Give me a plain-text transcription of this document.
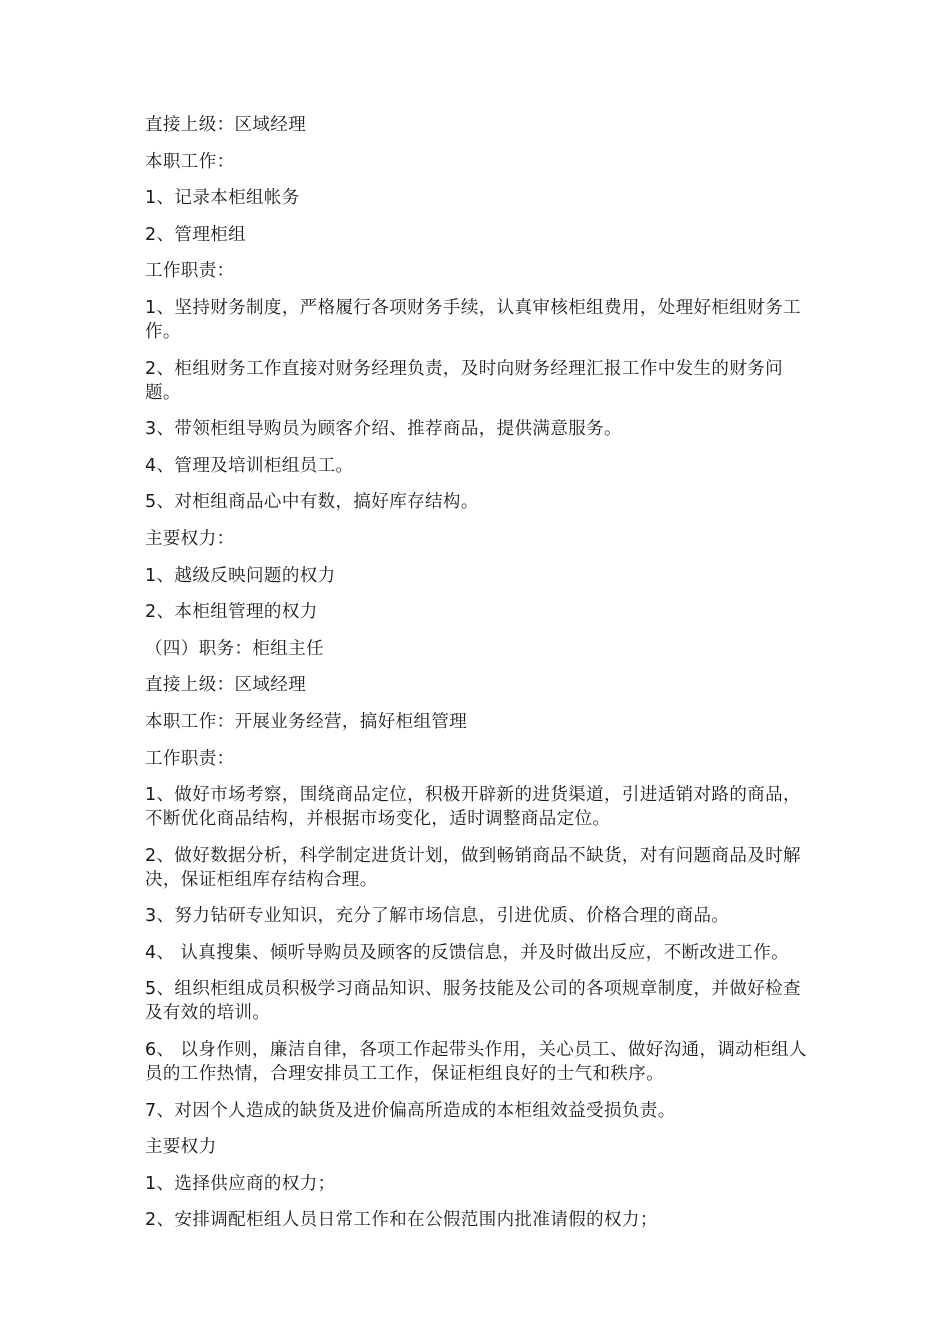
直接上级：区域经理

本职工作：

1、记录本柜组帐务

2、管理柜组

工作职责：

1、坚持财务制度，严格履行各项财务手续，认真审核柜组费用，处理好柜组财务工作。

2、柜组财务工作直接对财务经理负责，及时向财务经理汇报工作中发生的财务问题。

3、带领柜组导购员为顾客介绍、推荐商品，提供满意服务。

4、管理及培训柜组员工。

5、对柜组商品心中有数，搞好库存结构。

主要权力：

1、越级反映问题的权力

2、本柜组管理的权力

（四）职务：柜组主任

直接上级：区域经理

本职工作：开展业务经营，搞好柜组管理

工作职责：

1、做好市场考察，围绕商品定位，积极开辟新的进货渠道，引进适销对路的商品，不断优化商品结构，并根据市场变化，适时调整商品定位。

2、做好数据分析，科学制定进货计划，做到畅销商品不缺货，对有问题商品及时解决，保证柜组库存结构合理。

3、努力钻研专业知识，充分了解市场信息，引进优质、价格合理的商品。

4、 认真搜集、倾听导购员及顾客的反馈信息，并及时做出反应，不断改进工作。

5、组织柜组成员积极学习商品知识、服务技能及公司的各项规章制度，并做好检查及有效的培训。

6、 以身作则，廉洁自律，各项工作起带头作用，关心员工、做好沟通，调动柜组人员的工作热情，合理安排员工工作，保证柜组良好的士气和秩序。

7、对因个人造成的缺货及进价偏高所造成的本柜组效益受损负责。

主要权力

1、选择供应商的权力；

2、安排调配柜组人员日常工作和在公假范围内批准请假的权力；
